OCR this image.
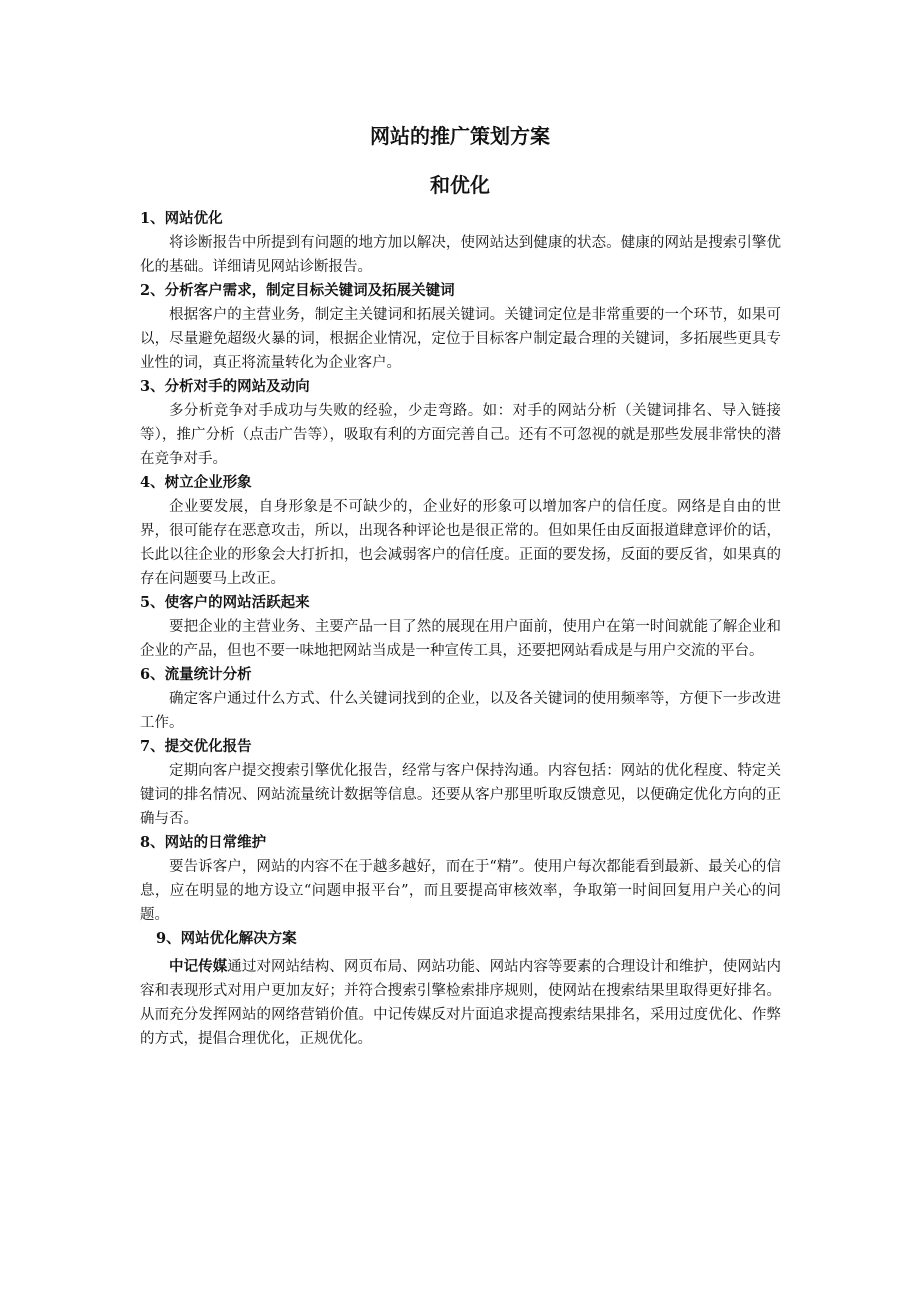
网站的推广策划方案
和优化
1、网站优化

将诊断报告中所提到有问题的地方加以解决，使网站达到健康的状态。健康的网站是搜索引擎优化的基础。详细请见网站诊断报告。

2、分析客户需求，制定目标关键词及拓展关键词

根据客户的主营业务，制定主关键词和拓展关键词。关键词定位是非常重要的一个环节，如果可以，尽量避免超级火暴的词，根据企业情况，定位于目标客户制定最合理的关键词，多拓展些更具专业性的词，真正将流量转化为企业客户。

3、分析对手的网站及动向

多分析竞争对手成功与失败的经验，少走弯路。如：对手的网站分析（关键词排名、导入链接等），推广分析（点击广告等），吸取有利的方面完善自己。还有不可忽视的就是那些发展非常快的潜在竞争对手。

4、树立企业形象

企业要发展，自身形象是不可缺少的，企业好的形象可以增加客户的信任度。网络是自由的世界，很可能存在恶意攻击，所以，出现各种评论也是很正常的。但如果任由反面报道肆意评价的话，长此以往企业的形象会大打折扣，也会减弱客户的信任度。正面的要发扬，反面的要反省，如果真的存在问题要马上改正。

5、使客户的网站活跃起来

要把企业的主营业务、主要产品一目了然的展现在用户面前，使用户在第一时间就能了解企业和企业的产品，但也不要一味地把网站当成是一种宣传工具，还要把网站看成是与用户交流的平台。

6、流量统计分析

确定客户通过什么方式、什么关键词找到的企业，以及各关键词的使用频率等，方便下一步改进工作。

7、提交优化报告

定期向客户提交搜索引擎优化报告，经常与客户保持沟通。内容包括：网站的优化程度、特定关键词的排名情况、网站流量统计数据等信息。还要从客户那里听取反馈意见，以便确定优化方向的正确与否。

8、网站的日常维护

要告诉客户，网站的内容不在于越多越好，而在于“精”。使用户每次都能看到最新、最关心的信息，应在明显的地方设立“问题申报平台”，而且要提高审核效率，争取第一时间回复用户关心的问题。

9、网站优化解决方案

中记传媒通过对网站结构、网页布局、网站功能、网站内容等要素的合理设计和维护，使网站内容和表现形式对用户更加友好；并符合搜索引擎检索排序规则，使网站在搜索结果里取得更好排名。从而充分发挥网站的网络营销价值。中记传媒反对片面追求提高搜索结果排名，采用过度优化、作弊的方式，提倡合理优化，正规优化。
